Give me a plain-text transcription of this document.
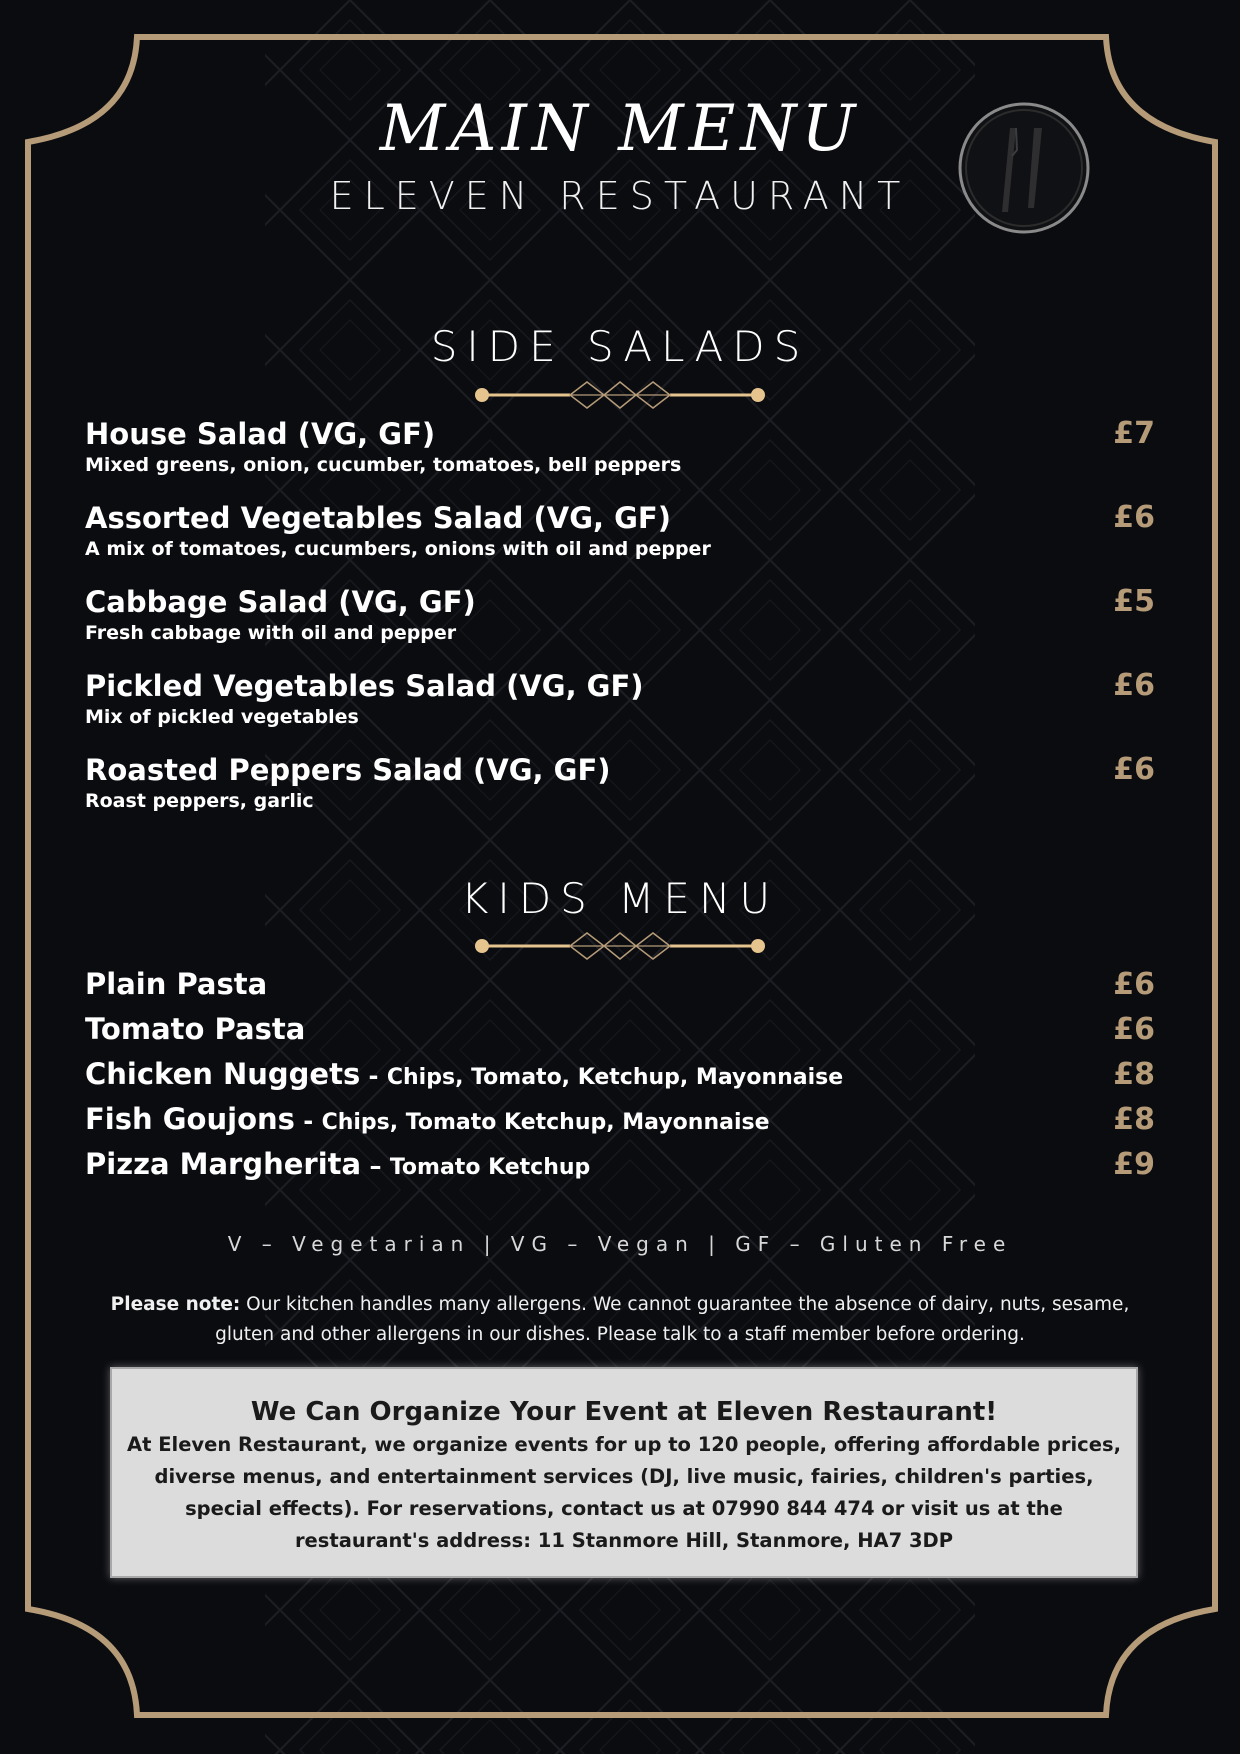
MAIN MENU
ELEVEN RESTAURANT
SIDE SALADS
House Salad (VG, GF)
Mixed greens, onion, cucumber, tomatoes, bell peppers
£7
Assorted Vegetables Salad (VG, GF)
A mix of tomatoes, cucumbers, onions with oil and pepper
£6
Cabbage Salad (VG, GF)
Fresh cabbage with oil and pepper
£5
Pickled Vegetables Salad (VG, GF)
Mix of pickled vegetables
£6
Roasted Peppers Salad (VG, GF)
Roast peppers, garlic
£6
KIDS MENU
Plain Pasta	£6
Tomato Pasta	£6
Chicken Nuggets - Chips, Tomato, Ketchup, Mayonnaise	£8
Fish Goujons - Chips, Tomato Ketchup, Mayonnaise	£8
Pizza Margherita – Tomato Ketchup	£9
V – Vegetarian | VG – Vegan | GF – Gluten Free
Please note: Our kitchen handles many allergens. We cannot guarantee the absence of dairy, nuts, sesame, gluten and other allergens in our dishes. Please talk to a staff member before ordering.
We Can Organize Your Event at Eleven Restaurant!
At Eleven Restaurant, we organize events for up to 120 people, offering affordable prices, diverse menus, and entertainment services (DJ, live music, fairies, children's parties, special effects). For reservations, contact us at 07990 844 474 or visit us at the restaurant's address: 11 Stanmore Hill, Stanmore, HA7 3DP
